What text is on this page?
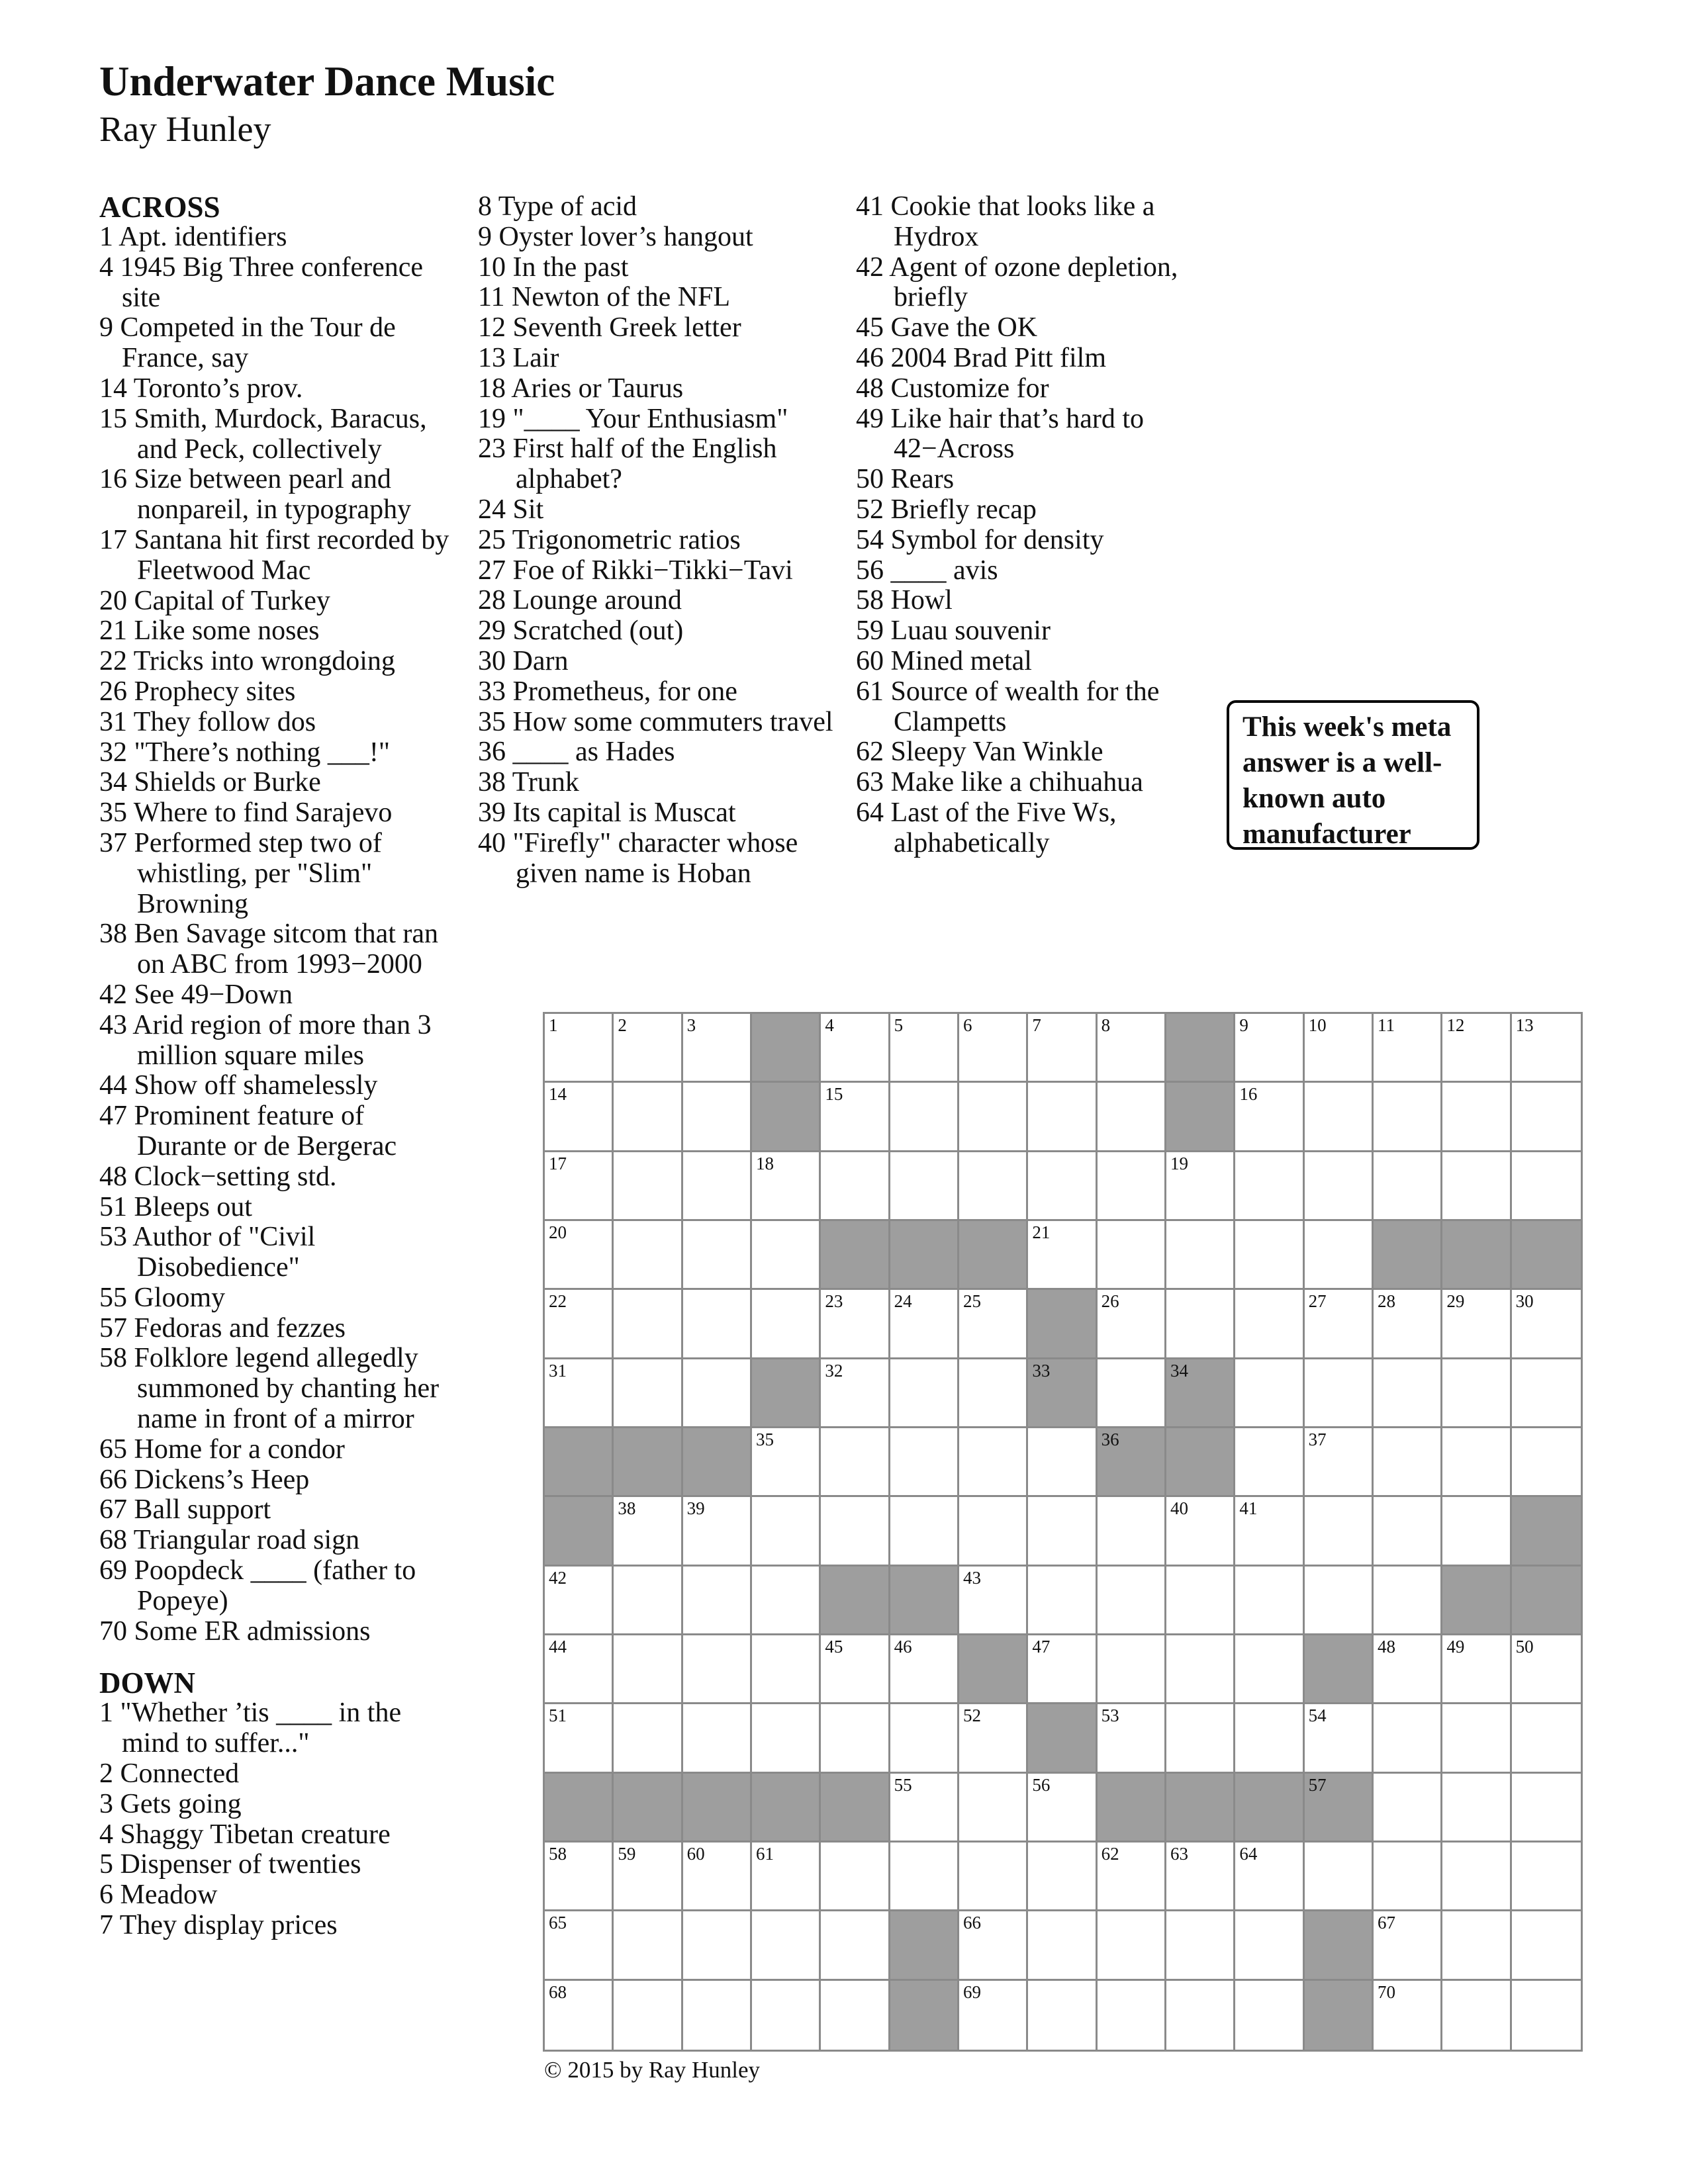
Underwater Dance Music
Ray Hunley
ACROSS
1 Apt. identifiers
4 1945 Big Three conference site
9 Competed in the Tour de France, say
14 Toronto’s prov.
15 Smith, Murdock, Baracus, and Peck, collectively
16 Size between pearl and nonpareil, in typography
17 Santana hit first recorded by Fleetwood Mac
20 Capital of Turkey
21 Like some noses
22 Tricks into wrongdoing
26 Prophecy sites
31 They follow dos
32 "There’s nothing ___!"
34 Shields or Burke
35 Where to find Sarajevo
37 Performed step two of whistling, per "Slim" Browning
38 Ben Savage sitcom that ran on ABC from 1993−2000
42 See 49−Down
43 Arid region of more than 3 million square miles
44 Show off shamelessly
47 Prominent feature of Durante or de Bergerac
48 Clock−setting std.
51 Bleeps out
53 Author of "Civil Disobedience"
55 Gloomy
57 Fedoras and fezzes
58 Folklore legend allegedly summoned by chanting her name in front of a mirror
65 Home for a condor
66 Dickens’s Heep
67 Ball support
68 Triangular road sign
69 Poopdeck ____ (father to Popeye)
70 Some ER admissions
DOWN
1 "Whether ’tis ____ in the mind to suffer..."
2 Connected
3 Gets going
4 Shaggy Tibetan creature
5 Dispenser of twenties
6 Meadow
7 They display prices
8 Type of acid
9 Oyster lover’s hangout
10 In the past
11 Newton of the NFL
12 Seventh Greek letter
13 Lair
18 Aries or Taurus
19 "____ Your Enthusiasm"
23 First half of the English alphabet?
24 Sit
25 Trigonometric ratios
27 Foe of Rikki−Tikki−Tavi
28 Lounge around
29 Scratched (out)
30 Darn
33 Prometheus, for one
35 How some commuters travel
36 ____ as Hades
38 Trunk
39 Its capital is Muscat
40 "Firefly" character whose given name is Hoban
41 Cookie that looks like a Hydrox
42 Agent of ozone depletion, briefly
45 Gave the OK
46 2004 Brad Pitt film
48 Customize for
49 Like hair that’s hard to 42−Across
50 Rears
52 Briefly recap
54 Symbol for density
56 ____ avis
58 Howl
59 Luau souvenir
60 Mined metal
61 Source of wealth for the Clampetts
62 Sleepy Van Winkle
63 Make like a chihuahua
64 Last of the Five Ws, alphabetically
This week's meta answer is a well-known auto manufacturer
1	2	3	4	5	6	7	8	9	10	11	12	13
14	15	16
17	18	19
20	21
22	23	24	25	26	27	28	29	30
31	32	33	34
35	36	37
38	39	40	41
42	43
44	45	46	47	48	49	50
51	52	53	54
55	56	57
58	59	60	61	62	63	64
65	66	67
68	69	70
© 2015 by Ray Hunley
